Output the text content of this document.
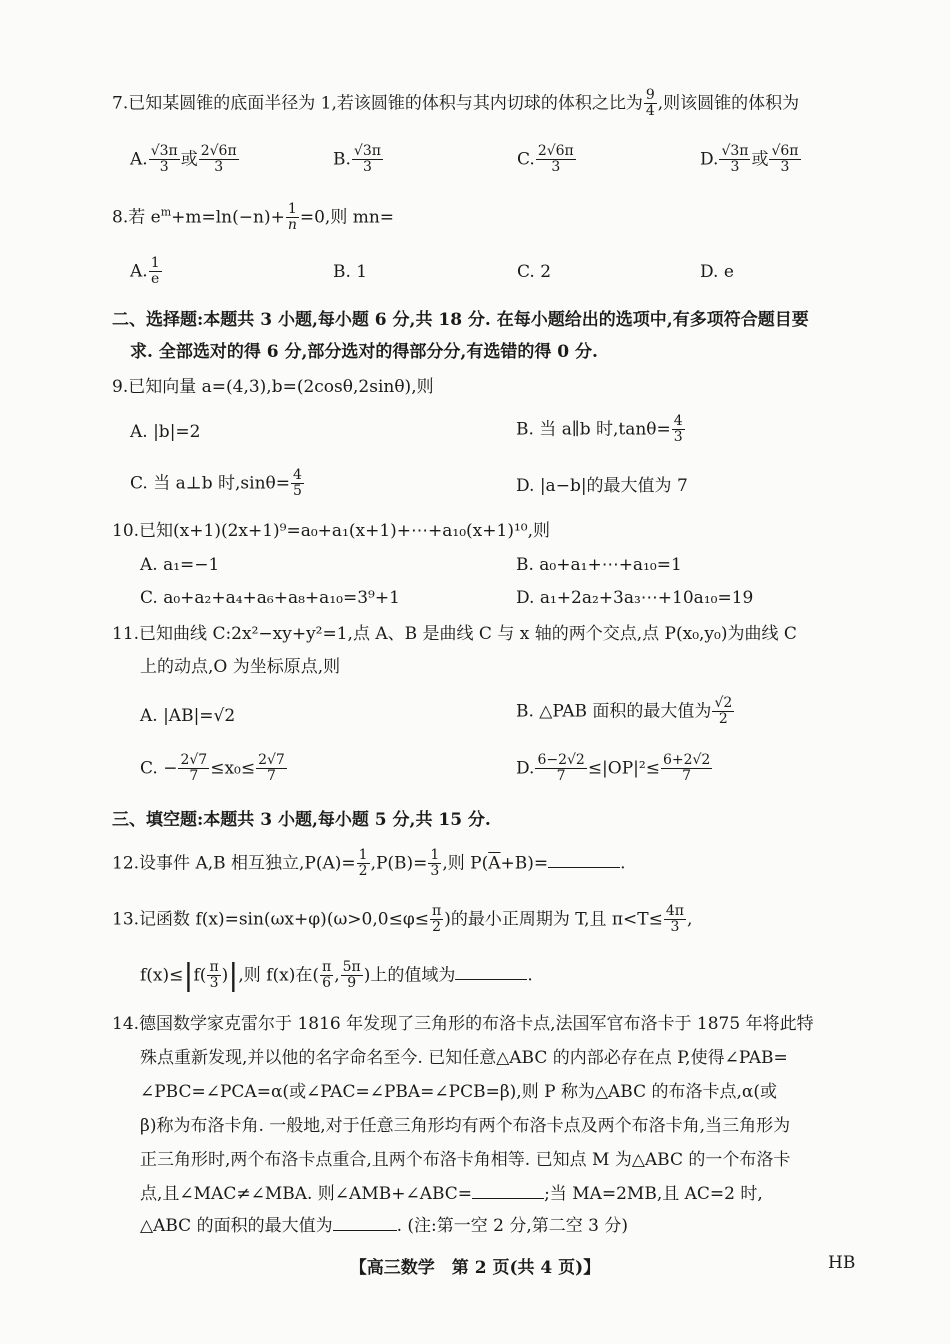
7.已知某圆锥的底面半径为 1,若该圆锥的体积与其内切球的体积之比为 $\frac{9}{4}$ ,则该圆锥的体积为
A. $\frac{√3\pi}{3}$ 或 $\frac{2√6\pi}{3}$	B. $\frac{√3\pi}{3}$	C. $\frac{2√6\pi}{3}$	D. $\frac{√3\pi}{3}$ 或 $\frac{√6\pi}{3}$
8.若 $e^m+m=\ln(-n)+ \frac{1}{n} =0$,则 mn=
A. $\frac{1}{e}$	B. 1	C. 2	D. e
二、选择题:本题共 3 小题,每小题 6 分,共 18 分. 在每小题给出的选项中,有多项符合题目要
求. 全部选对的得 6 分,部分选对的得部分分,有选错的得 0 分.
9.已知向量 a=(4,3),b=(2cosθ,2sinθ),则
A. |b|=2	B. 当 a∥b 时$,\tan\theta= \frac{4}{3}$
C. 当 a⊥b 时$,\sin\theta= \frac{4}{5}$	D. |a−b|的最大值为 7
10.已知(x+1)(2x+1)⁹=a₀+a₁(x+1)+⋯+a₁₀(x+1)¹⁰,则
A. a₁=−1	B. a₀+a₁+⋯+a₁₀=1
C. a₀+a₂+a₄+a₆+a₈+a₁₀=3⁹+1	D. a₁+2a₂+3a₃⋯+10a₁₀=19
11.已知曲线 C:2x²−xy+y²=1,点 A、B 是曲线 C 与 x 轴的两个交点,点 P(x₀,y₀)为曲线 C
上的动点,O 为坐标原点,则
A. |AB|=√2	B. △PAB 面积的最大值为 $\frac{√2}{2}$
C. − $\frac{2√7}{7} \le x_0\le \frac{2√7}{7}$	D. $\frac{6-2√2}{7} \le|OP|^2\le \frac{6+2√2}{7}$
三、填空题:本题共 3 小题,每小题 5 分,共 15 分.
12.设事件 A,B 相互独立$,P(A)= \frac{1}{2} ,P(B)= \frac{1}{3}$ ,则 $P(\overline{A}+B)=$	.
13.记函数 $f(x)=\sin(\omega x+\varphi)(\omega>0,0\le\varphi\le \frac{\pi}{2}$ )的最小正周期为 T,且 $\pi<T\le \frac{4\pi}{3}$ ,
$f(x)\le|f( \frac{\pi}{3}$ )|,则 f(x)在( $\frac{\pi}{6}$ , $\frac{5\pi}{9}$ )上的值域为	.
14.德国数学家克雷尔于 1816 年发现了三角形的布洛卡点,法国军官布洛卡于 1875 年将此特
殊点重新发现,并以他的名字命名至今. 已知任意△ABC 的内部必存在点 P,使得∠PAB=
∠PBC=∠PCA=α(或∠PAC=∠PBA=∠PCB=β),则 P 称为△ABC 的布洛卡点,α(或
β)称为布洛卡角. 一般地,对于任意三角形均有两个布洛卡点及两个布洛卡角,当三角形为
正三角形时,两个布洛卡点重合,且两个布洛卡角相等. 已知点 M 为△ABC 的一个布洛卡
点,且∠MAC≠∠MBA. 则∠AMB+∠ABC=	;当 MA=2MB,且 AC=2 时,
△ABC 的面积的最大值为	. (注:第一空 2 分,第二空 3 分)
【高三数学　第 2 页(共 4 页)】	HB
